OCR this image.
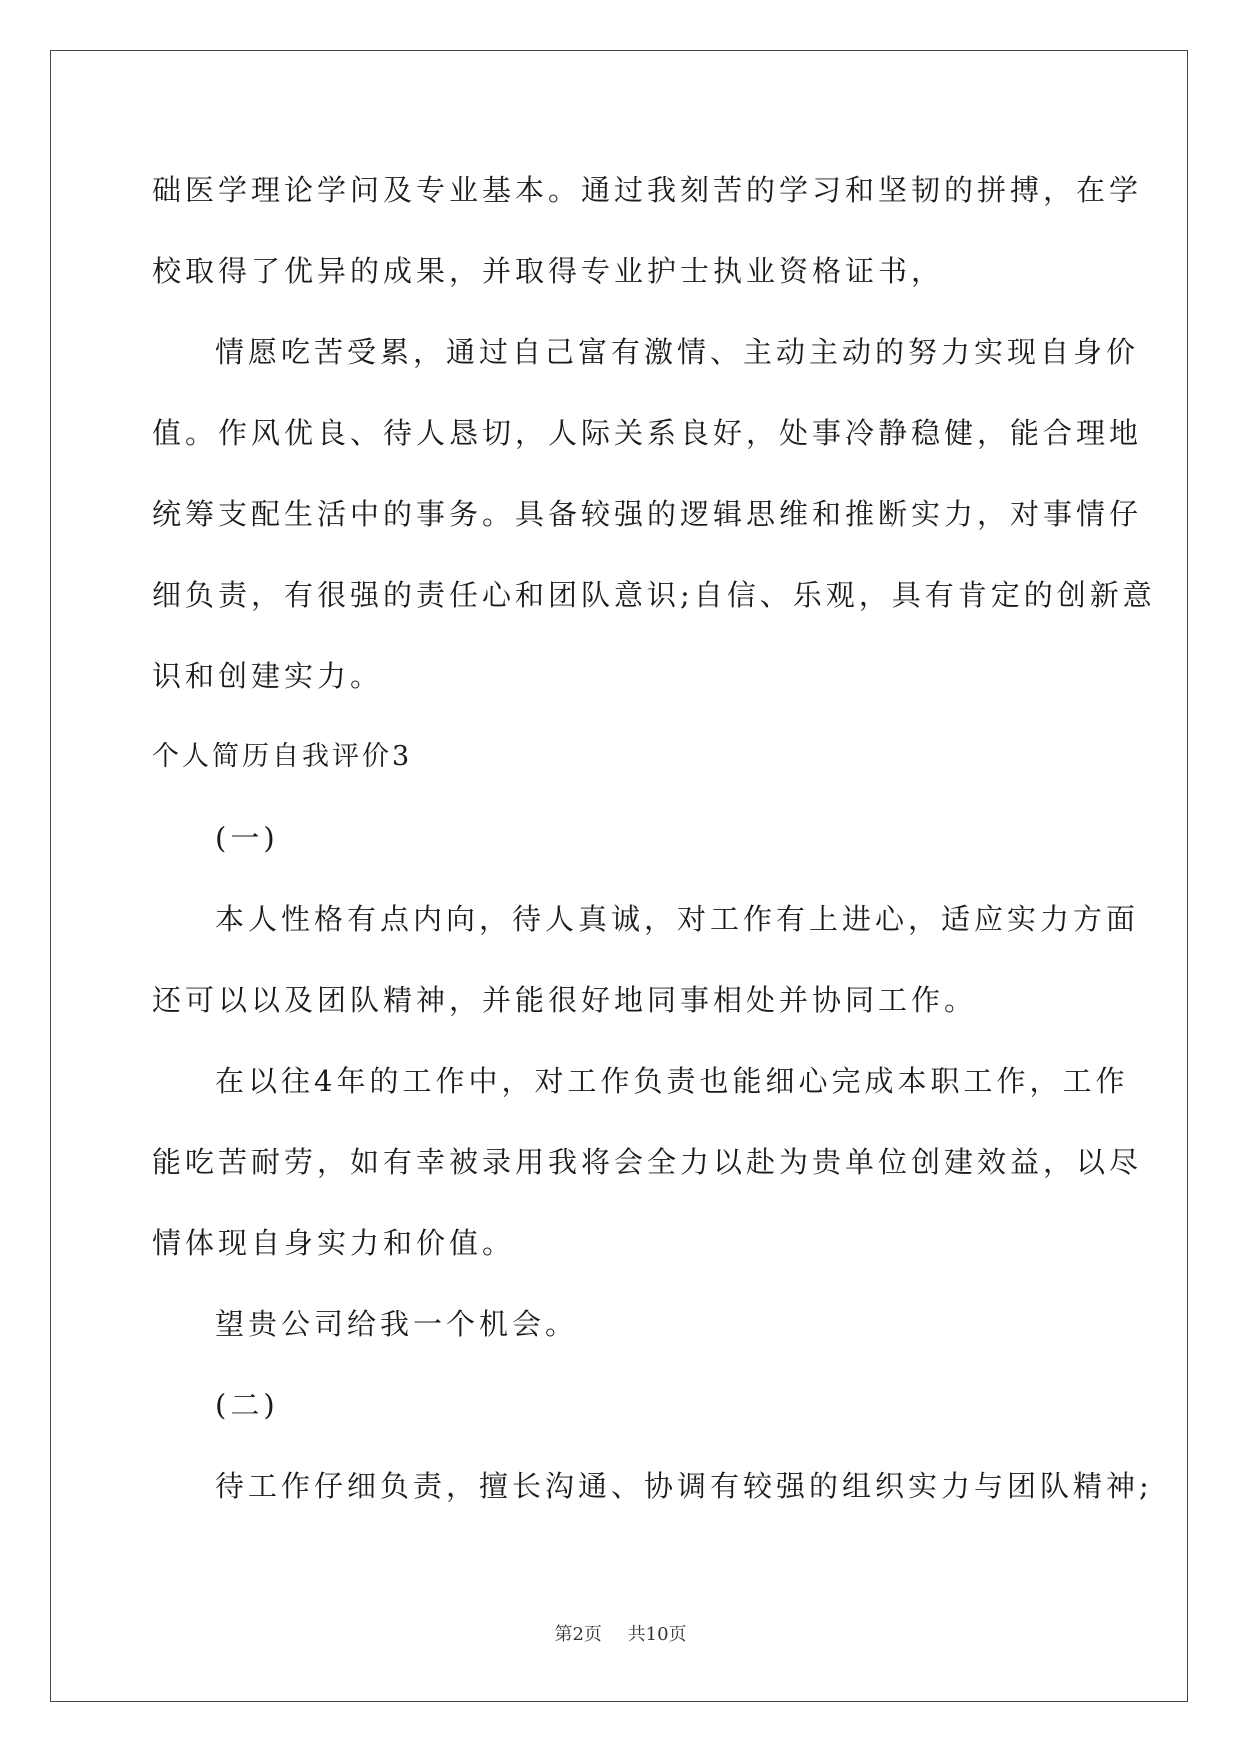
础医学理论学问及专业基本。通过我刻苦的学习和坚韧的拼搏，在学
校取得了优异的成果，并取得专业护士执业资格证书，
情愿吃苦受累，通过自己富有激情、主动主动的努力实现自身价
值。作风优良、待人恳切，人际关系良好，处事冷静稳健，能合理地
统筹支配生活中的事务。具备较强的逻辑思维和推断实力，对事情仔
细负责，有很强的责任心和团队意识;自信、乐观，具有肯定的创新意
识和创建实力。
个人简历自我评价3
(一)
本人性格有点内向，待人真诚，对工作有上进心，适应实力方面
还可以以及团队精神，并能很好地同事相处并协同工作。
在以往4年的工作中，对工作负责也能细心完成本职工作，工作
能吃苦耐劳，如有幸被录用我将会全力以赴为贵单位创建效益，以尽
情体现自身实力和价值。
望贵公司给我一个机会。
(二)
待工作仔细负责，擅长沟通、协调有较强的组织实力与团队精神;
第2页 共10页
